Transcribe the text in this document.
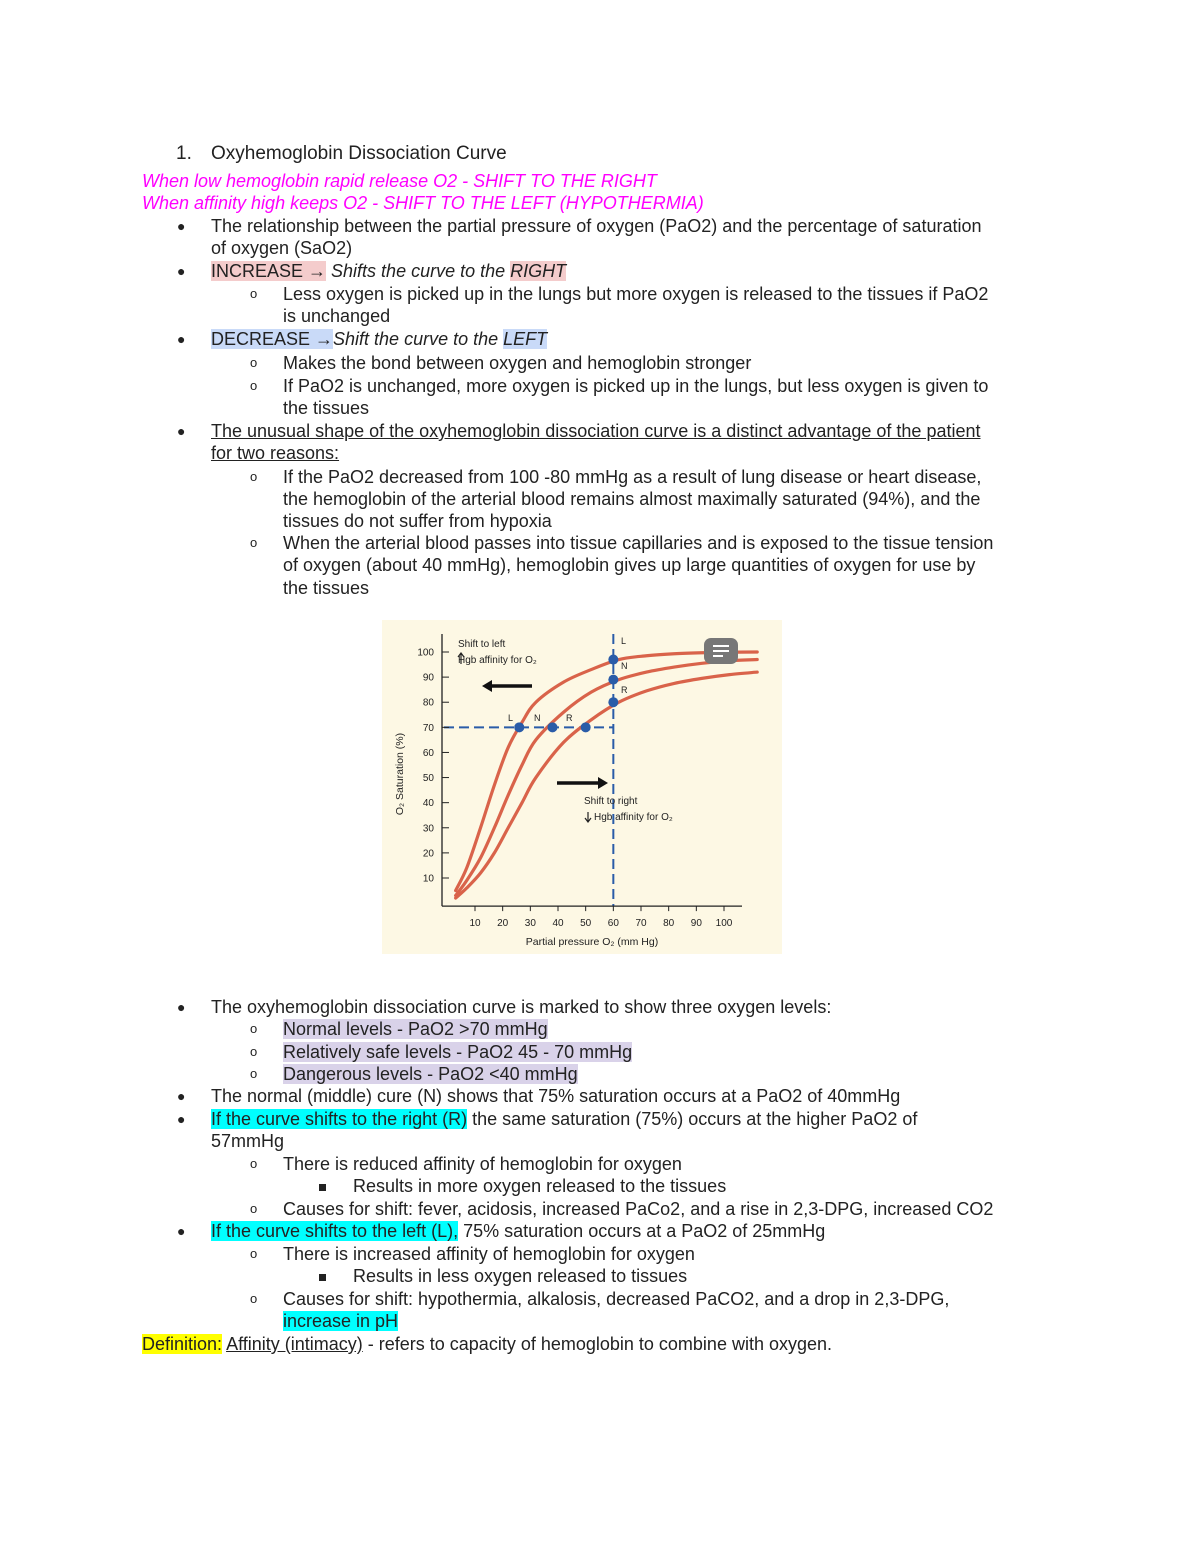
1. Oxyhemoglobin Dissociation Curve
When low hemoglobin rapid release O2 - SHIFT TO THE RIGHT
When affinity high keeps O2 - SHIFT TO THE LEFT (HYPOTHERMIA)
● The relationship between the partial pressure of oxygen (PaO2) and the percentage of saturation
of oxygen (SaO2)
● INCREASE → Shifts the curve to the RIGHT
o Less oxygen is picked up in the lungs but more oxygen is released to the tissues if PaO2
is unchanged
● DECREASE →Shift the curve to the LEFT
o Makes the bond between oxygen and hemoglobin stronger
o If PaO2 is unchanged, more oxygen is picked up in the lungs, but less oxygen is given to
the tissues
● The unusual shape of the oxyhemoglobin dissociation curve is a distinct advantage of the patient
for two reasons:
o If the PaO2 decreased from 100 -80 mmHg as a result of lung disease or heart disease,
the hemoglobin of the arterial blood remains almost maximally saturated (94%), and the
tissues do not suffer from hypoxia
o When the arterial blood passes into tissue capillaries and is exposed to the tissue tension
of oxygen (about 40 mmHg), hemoglobin gives up large quantities of oxygen for use by
the tissues
10 20 30 40 50 60 70 80 90 100
10
20
30
40
50
60
70
80
90
100
L
N
R
L N	R
Shift to left
Hgb affinity for O₂
Shift to right
Hgb affinity for O₂
Partial pressure O₂ (mm Hg)
O₂ Saturation (%)
● The oxyhemoglobin dissociation curve is marked to show three oxygen levels:
o Normal levels - PaO2 >70 mmHg
o Relatively safe levels - PaO2 45 - 70 mmHg
o Dangerous levels - PaO2 <40 mmHg
● The normal (middle) cure (N) shows that 75% saturation occurs at a PaO2 of 40mmHg
● If the curve shifts to the right (R) the same saturation (75%) occurs at the higher PaO2 of
57mmHg
o There is reduced affinity of hemoglobin for oxygen
Results in more oxygen released to the tissues
o Causes for shift: fever, acidosis, increased PaCo2, and a rise in 2,3-DPG, increased CO2
● If the curve shifts to the left (L), 75% saturation occurs at a PaO2 of 25mmHg
o There is increased affinity of hemoglobin for oxygen
Results in less oxygen released to tissues
o Causes for shift: hypothermia, alkalosis, decreased PaCO2, and a drop in 2,3-DPG,
increase in pH
Definition: Affinity (intimacy) - refers to capacity of hemoglobin to combine with oxygen.
